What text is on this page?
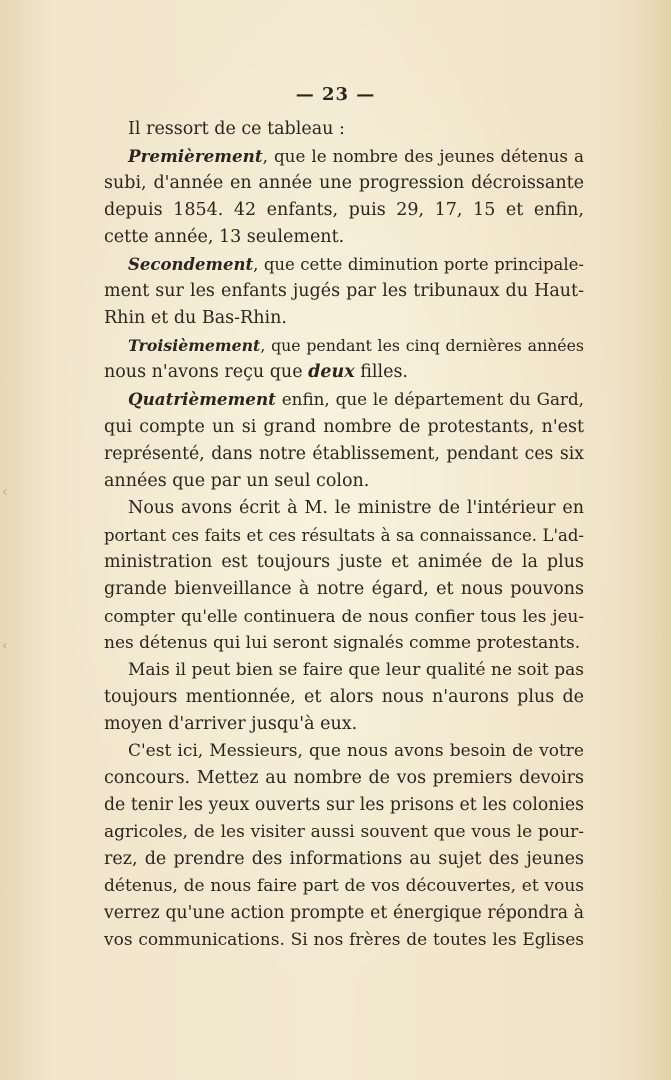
— 23 —
‹
‹
Il ressort de ce tableau :
Premièrement, que le nombre des jeunes détenus a
subi, d'année en année une progression décroissante
depuis 1854. 42 enfants, puis 29, 17, 15 et enfin,
cette année, 13 seulement.
Secondement, que cette diminution porte principale-
ment sur les enfants jugés par les tribunaux du Haut-
Rhin et du Bas-Rhin.
Troisièmement, que pendant les cinq dernières années
nous n'avons reçu que deux filles.
Quatrièmement enfin, que le département du Gard,
qui compte un si grand nombre de protestants, n'est
représenté, dans notre établissement, pendant ces six
années que par un seul colon.
Nous avons écrit à M. le ministre de l'intérieur en
portant ces faits et ces résultats à sa connaissance. L'ad-
ministration est toujours juste et animée de la plus
grande bienveillance à notre égard, et nous pouvons
compter qu'elle continuera de nous confier tous les jeu-
nes détenus qui lui seront signalés comme protestants.
Mais il peut bien se faire que leur qualité ne soit pas
toujours mentionnée, et alors nous n'aurons plus de
moyen d'arriver jusqu'à eux.
C'est ici, Messieurs, que nous avons besoin de votre
concours. Mettez au nombre de vos premiers devoirs
de tenir les yeux ouverts sur les prisons et les colonies
agricoles, de les visiter aussi souvent que vous le pour-
rez, de prendre des informations au sujet des jeunes
détenus, de nous faire part de vos découvertes, et vous
verrez qu'une action prompte et énergique répondra à
vos communications. Si nos frères de toutes les Eglises
